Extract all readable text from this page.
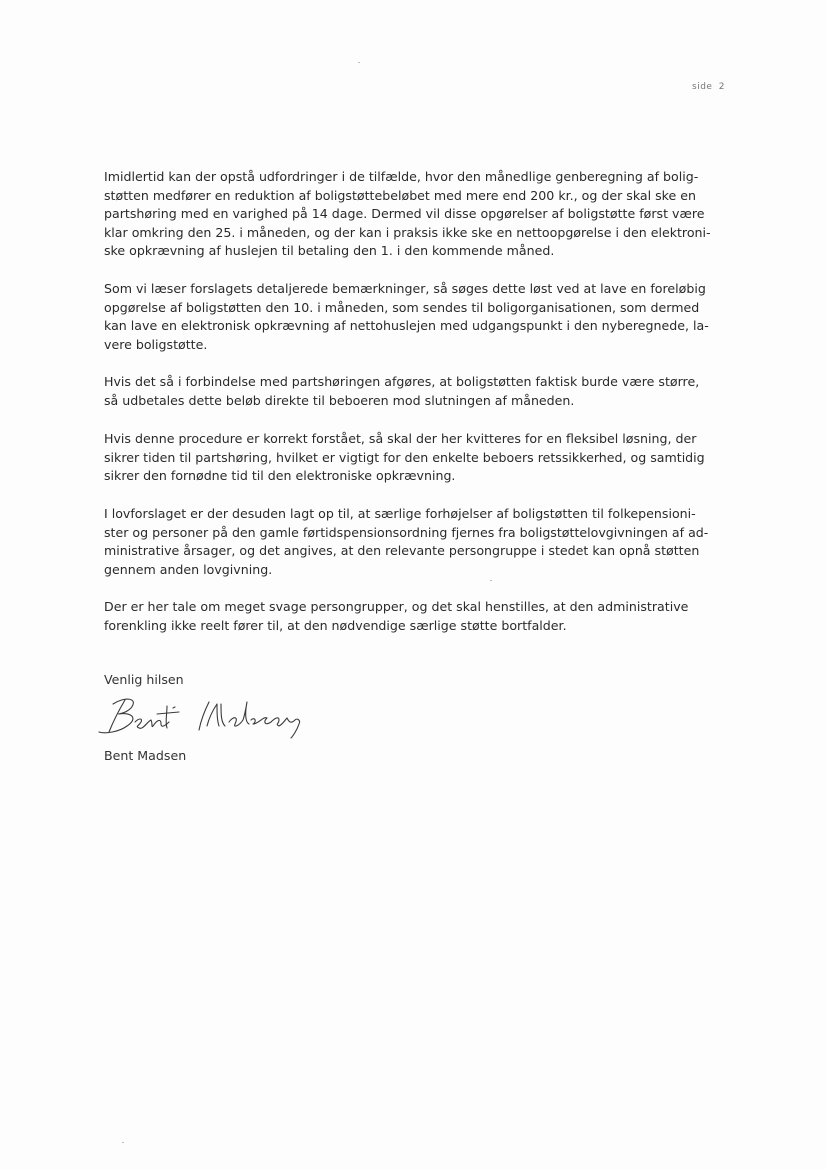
side 2

Imidlertid kan der opstå udfordringer i de tilfælde, hvor den månedlige genberegning af bolig-
støtten medfører en reduktion af boligstøttebeløbet med mere end 200 kr., og der skal ske en
partshøring med en varighed på 14 dage. Dermed vil disse opgørelser af boligstøtte først være
klar omkring den 25. i måneden, og der kan i praksis ikke ske en nettoopgørelse i den elektroni-
ske opkrævning af huslejen til betaling den 1. i den kommende måned.

Som vi læser forslagets detaljerede bemærkninger, så søges dette løst ved at lave en foreløbig
opgørelse af boligstøtten den 10. i måneden, som sendes til boligorganisationen, som dermed
kan lave en elektronisk opkrævning af nettohuslejen med udgangspunkt i den nyberegnede, la-
vere boligstøtte.

Hvis det så i forbindelse med partshøringen afgøres, at boligstøtten faktisk burde være større,
så udbetales dette beløb direkte til beboeren mod slutningen af måneden.

Hvis denne procedure er korrekt forstået, så skal der her kvitteres for en fleksibel løsning, der
sikrer tiden til partshøring, hvilket er vigtigt for den enkelte beboers retssikkerhed, og samtidig
sikrer den fornødne tid til den elektroniske opkrævning.

I lovforslaget er der desuden lagt op til, at særlige forhøjelser af boligstøtten til folkepensioni-
ster og personer på den gamle førtidspensionsordning fjernes fra boligstøttelovgivningen af ad-
ministrative årsager, og det angives, at den relevante persongruppe i stedet kan opnå støtten
gennem anden lovgivning.

Der er her tale om meget svage persongrupper, og det skal henstilles, at den administrative
forenkling ikke reelt fører til, at den nødvendige særlige støtte bortfalder.

Venlig hilsen
Bent Madsen
